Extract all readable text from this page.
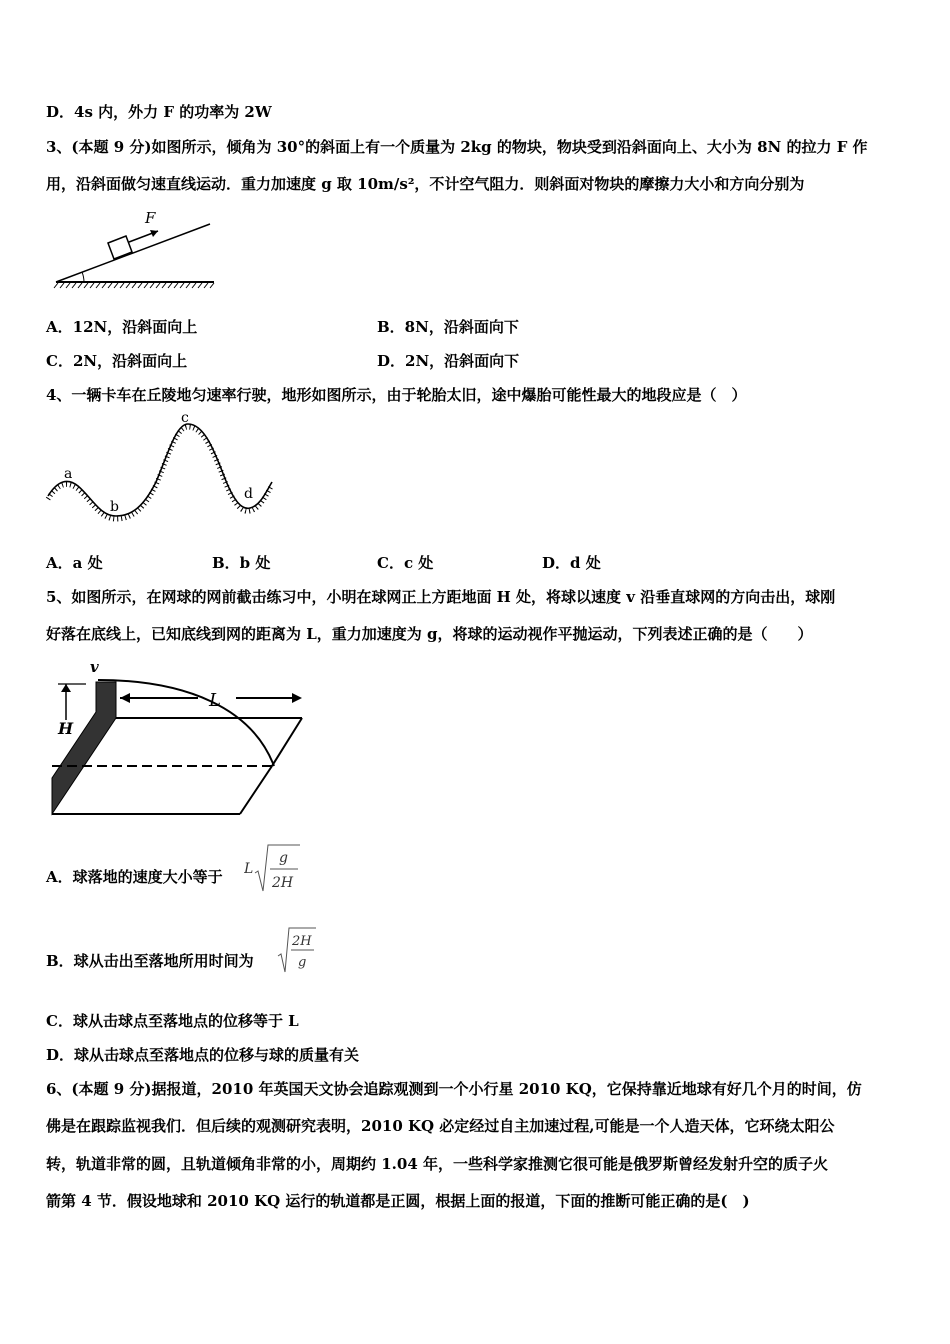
D．4s 内，外力 F 的功率为 2W
3、(本题 9 分)如图所示，倾角为 30°的斜面上有一个质量为 2kg 的物块，物块受到沿斜面向上、大小为 8N 的拉力 F 作
用，沿斜面做匀速直线运动．重力加速度 g 取 10m/s²，不计空气阻力．则斜面对物块的摩擦力大小和方向分别为
F
A．12N，沿斜面向上	B．8N，沿斜面向下
C．2N，沿斜面向上	D．2N，沿斜面向下
4、一辆卡车在丘陵地匀速率行驶，地形如图所示，由于轮胎太旧，途中爆胎可能性最大的地段应是（　）
a
b
c
d
A．a 处	B．b 处	C．c 处	D．d 处
5、如图所示，在网球的网前截击练习中，小明在球网正上方距地面 H 处，将球以速度 v 沿垂直球网的方向击出，球刚
好落在底线上，已知底线到网的距离为 L，重力加速度为 g，将球的运动视作平抛运动，下列表述正确的是（　　）
H
v
L
A．球落地的速度大小等于 L
g
2H
B．球从击出至落地所用时间为
2H
g
C．球从击球点至落地点的位移等于 L
D．球从击球点至落地点的位移与球的质量有关
6、(本题 9 分)据报道，2010 年英国天文协会追踪观测到一个小行星 2010 KQ，它保持靠近地球有好几个月的时间，仿
佛是在跟踪监视我们．但后续的观测研究表明，2010 KQ 必定经过自主加速过程,可能是一个人造天体，它环绕太阳公
转，轨道非常的圆，且轨道倾角非常的小，周期约 1.04 年，一些科学家推测它很可能是俄罗斯曾经发射升空的质子火
箭第 4 节．假设地球和 2010 KQ 运行的轨道都是正圆，根据上面的报道，下面的推断可能正确的是(　)
